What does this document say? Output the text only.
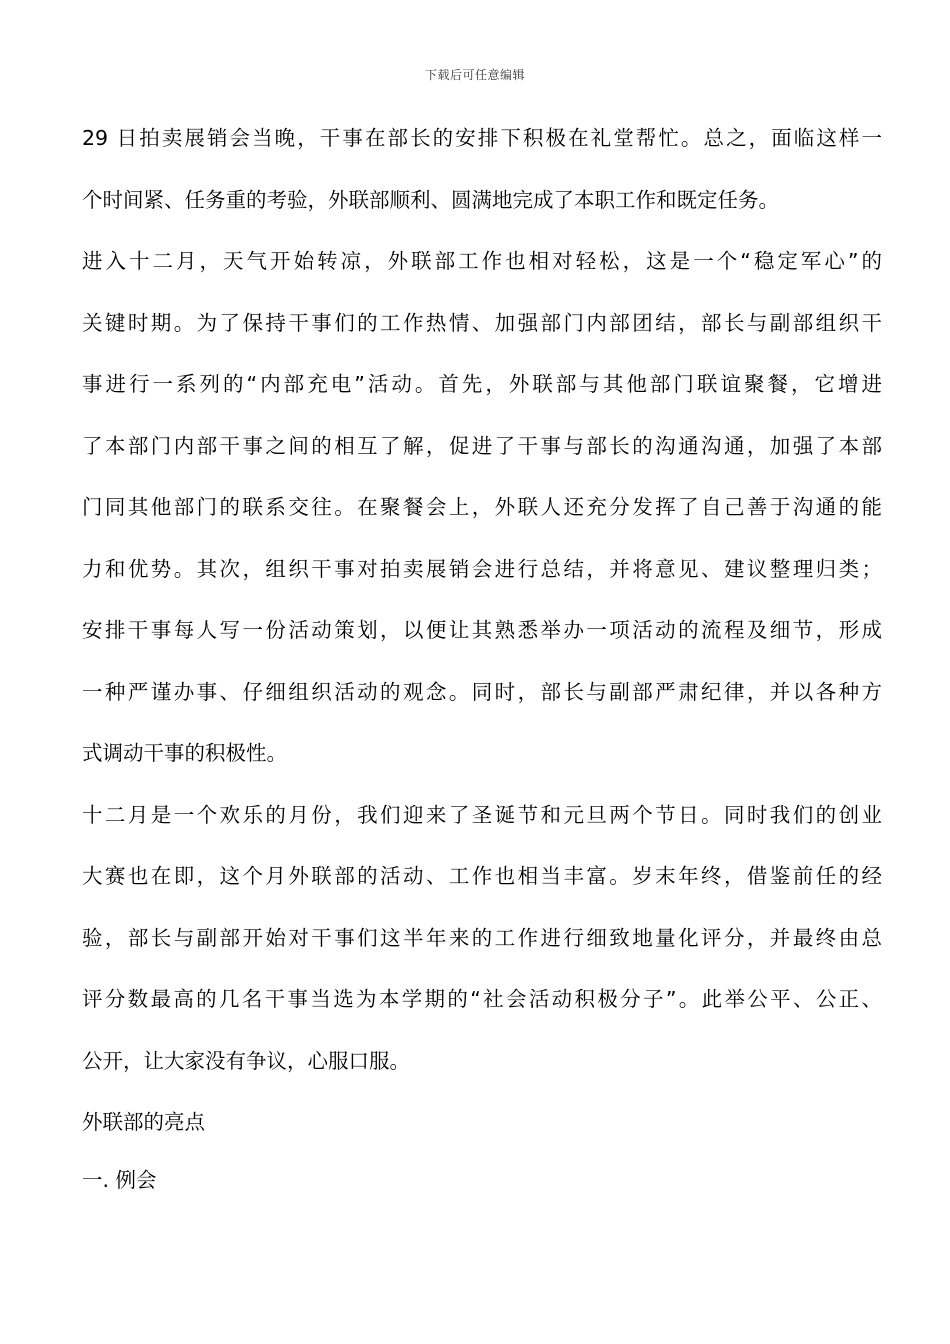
下载后可任意编辑
29 日拍卖展销会当晚，干事在部长的安排下积极在礼堂帮忙。总之，面临这样一
个时间紧、任务重的考验，外联部顺利、圆满地完成了本职工作和既定任务。
进入十二月，天气开始转凉，外联部工作也相对轻松，这是一个“稳定军心”的
关键时期。为了保持干事们的工作热情、加强部门内部团结，部长与副部组织干
事进行一系列的“内部充电”活动。首先，外联部与其他部门联谊聚餐，它增进
了本部门内部干事之间的相互了解，促进了干事与部长的沟通沟通，加强了本部
门同其他部门的联系交往。在聚餐会上，外联人还充分发挥了自己善于沟通的能
力和优势。其次，组织干事对拍卖展销会进行总结，并将意见、建议整理归类；
安排干事每人写一份活动策划，以便让其熟悉举办一项活动的流程及细节，形成
一种严谨办事、仔细组织活动的观念。同时，部长与副部严肃纪律，并以各种方
式调动干事的积极性。
十二月是一个欢乐的月份，我们迎来了圣诞节和元旦两个节日。同时我们的创业
大赛也在即，这个月外联部的活动、工作也相当丰富。岁末年终，借鉴前任的经
验，部长与副部开始对干事们这半年来的工作进行细致地量化评分，并最终由总
评分数最高的几名干事当选为本学期的“社会活动积极分子”。此举公平、公正、
公开，让大家没有争议，心服口服。
外联部的亮点
一. 例会
